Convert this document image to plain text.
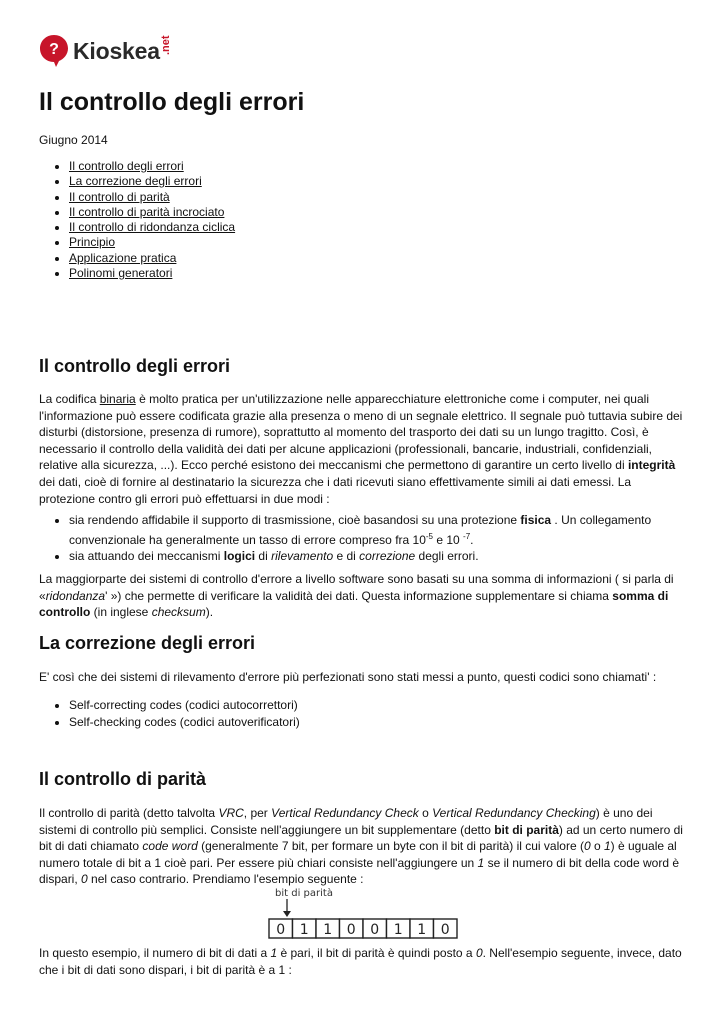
? Kioskea .net
Il controllo degli errori
Giugno 2014
• Il controllo degli errori
• La correzione degli errori
• Il controllo di parità
• Il controllo di parità incrociato
• Il controllo di ridondanza ciclica
• Principio
• Applicazione pratica
• Polinomi generatori
Il controllo degli errori

La codifica binaria è molto pratica per un'utilizzazione nelle apparecchiature elettroniche come i computer, nei quali l'informazione può essere codificata grazie alla presenza o meno di un segnale elettrico. Il segnale può tuttavia subire dei disturbi (distorsione, presenza di rumore), soprattutto al momento del trasporto dei dati su un lungo tragitto. Così, è necessario il controllo della validità dei dati per alcune applicazioni (professionali, bancarie, industriali, confidenziali, relative alla sicurezza, ...). Ecco perché esistono dei meccanismi che permettono di garantire un certo livello di integrità dei dati, cioè di fornire al destinatario la sicurezza che i dati ricevuti siano effettivamente simili ai dati emessi. La protezione contro gli errori può effettuarsi in due modi :

• sia rendendo affidabile il supporto di trasmissione, cioè basandosi su una protezione fisica . Un collegamento convenzionale ha generalmente un tasso di errore compreso fra $10^{-5}$ e 10 $^{-7}$.
• sia attuando dei meccanismi logici di rilevamento e di correzione degli errori.

La maggiorparte dei sistemi di controllo d'errore a livello software sono basati su una somma di informazioni ( si parla di «ridondanza' ») che permette di verificare la validità dei dati. Questa informazione supplementare si chiama somma di controllo (in inglese checksum).

La correzione degli errori

E' così che dei sistemi di rilevamento d'errore più perfezionati sono stati messi a punto, questi codici sono chiamati' :

• Self-correcting codes (codici autocorrettori)
• Self-checking codes (codici autoverificatori)
Il controllo di parità

Il controllo di parità (detto talvolta VRC, per Vertical Redundancy Check o Vertical Redundancy Checking) è uno dei sistemi di controllo più semplici. Consiste nell'aggiungere un bit supplementare (detto bit di parità) ad un certo numero di bit di dati chiamato code word (generalmente 7 bit, per formare un byte con il bit di parità) il cui valore (0 o 1) è uguale al numero totale di bit a 1 cioè pari. Per essere più chiari consiste nell'aggiungere un 1 se il numero di bit della code word è dispari, 0 nel caso contrario. Prendiamo l'esempio seguente :

bit di parità
0 1 1 0 0 1 1 0

In questo esempio, il numero di bit di dati a 1 è pari, il bit di parità è quindi posto a 0. Nell'esempio seguente, invece, dato che i bit di dati sono dispari, i bit di parità è a 1 :
